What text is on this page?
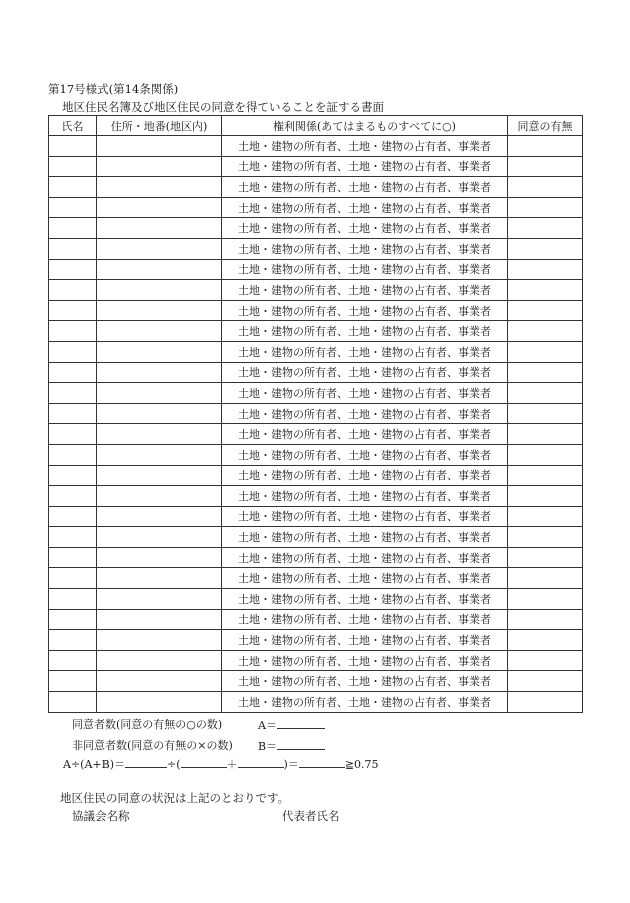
第17号様式(第14条関係)
地区住民名簿及び地区住民の同意を得ていることを証する書面
氏名	住所・地番(地区内)	権利関係(あてはまるものすべてに○)	同意の有無
		土地・建物の所有者、土地・建物の占有者、事業者	
		土地・建物の所有者、土地・建物の占有者、事業者	
		土地・建物の所有者、土地・建物の占有者、事業者	
		土地・建物の所有者、土地・建物の占有者、事業者	
		土地・建物の所有者、土地・建物の占有者、事業者	
		土地・建物の所有者、土地・建物の占有者、事業者	
		土地・建物の所有者、土地・建物の占有者、事業者	
		土地・建物の所有者、土地・建物の占有者、事業者	
		土地・建物の所有者、土地・建物の占有者、事業者	
		土地・建物の所有者、土地・建物の占有者、事業者	
		土地・建物の所有者、土地・建物の占有者、事業者	
		土地・建物の所有者、土地・建物の占有者、事業者	
		土地・建物の所有者、土地・建物の占有者、事業者	
		土地・建物の所有者、土地・建物の占有者、事業者	
		土地・建物の所有者、土地・建物の占有者、事業者	
		土地・建物の所有者、土地・建物の占有者、事業者	
		土地・建物の所有者、土地・建物の占有者、事業者	
		土地・建物の所有者、土地・建物の占有者、事業者	
		土地・建物の所有者、土地・建物の占有者、事業者	
		土地・建物の所有者、土地・建物の占有者、事業者	
		土地・建物の所有者、土地・建物の占有者、事業者	
		土地・建物の所有者、土地・建物の占有者、事業者	
		土地・建物の所有者、土地・建物の占有者、事業者	
		土地・建物の所有者、土地・建物の占有者、事業者	
		土地・建物の所有者、土地・建物の占有者、事業者	
		土地・建物の所有者、土地・建物の占有者、事業者	
		土地・建物の所有者、土地・建物の占有者、事業者	
		土地・建物の所有者、土地・建物の占有者、事業者	
同意者数(同意の有無の○の数)	A＝
非同意者数(同意の有無の×の数) B＝
A÷(A+B)＝	÷(	＋	)＝	≧0.75
地区住民の同意の状況は上記のとおりです。
協議会名称	代表者氏名
